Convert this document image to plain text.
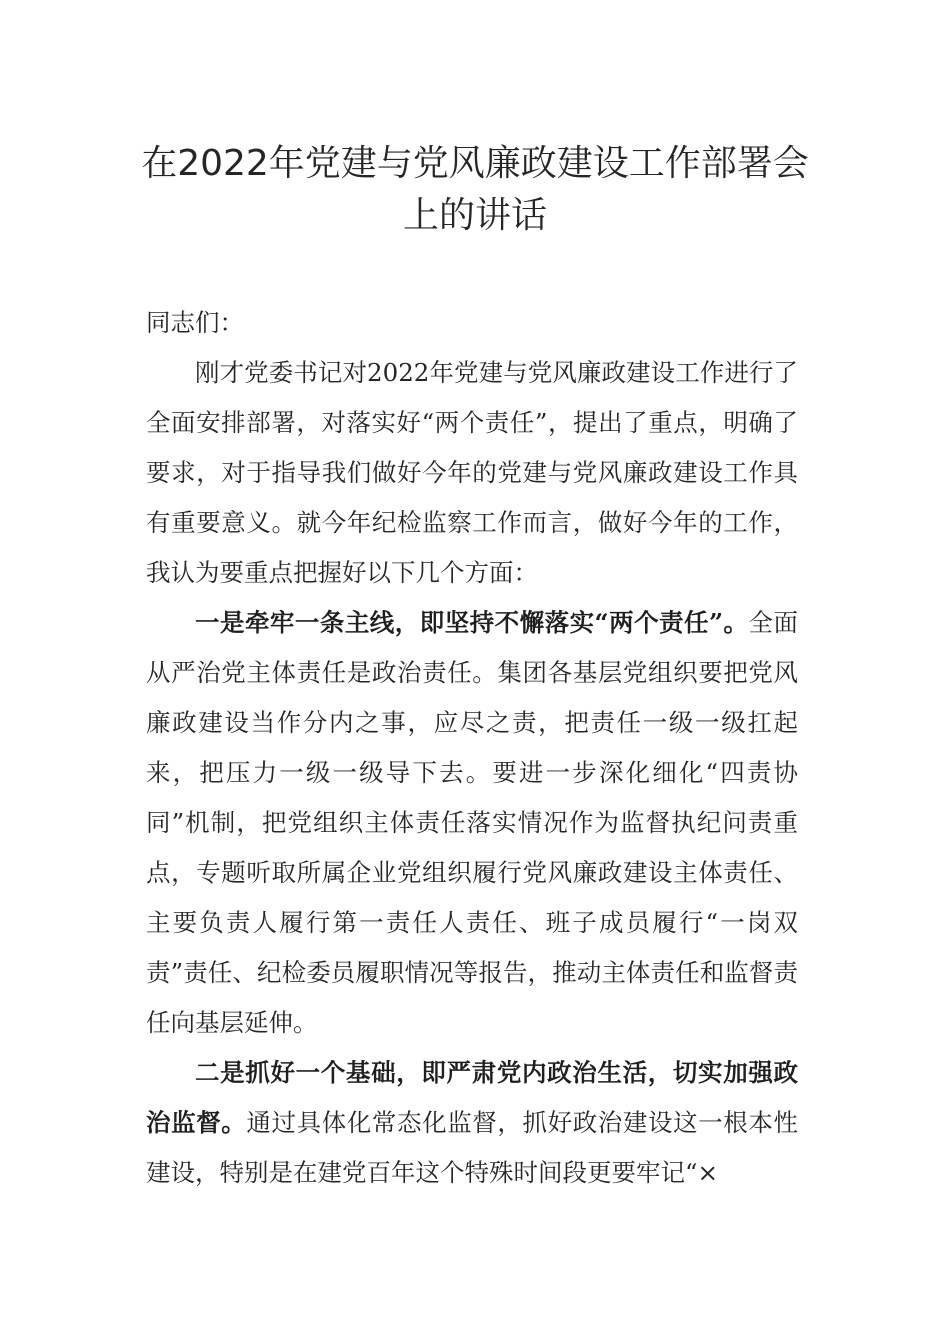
在2022年党建与党风廉政建设工作部署会上的讲话

同志们：

刚才党委书记对2022年党建与党风廉政建设工作进行了全面安排部署，对落实好“两个责任”，提出了重点，明确了要求，对于指导我们做好今年的党建与党风廉政建设工作具有重要意义。就今年纪检监察工作而言，做好今年的工作，我认为要重点把握好以下几个方面：

一是牵牢一条主线，即坚持不懈落实“两个责任”。全面从严治党主体责任是政治责任。集团各基层党组织要把党风廉政建设当作分内之事，应尽之责，把责任一级一级扛起来，把压力一级一级导下去。要进一步深化细化“四责协同”机制，把党组织主体责任落实情况作为监督执纪问责重点，专题听取所属企业党组织履行党风廉政建设主体责任、主要负责人履行第一责任人责任、班子成员履行“一岗双责”责任、纪检委员履职情况等报告，推动主体责任和监督责任向基层延伸。

二是抓好一个基础，即严肃党内政治生活，切实加强政治监督。通过具体化常态化监督，抓好政治建设这一根本性建设，特别是在建党百年这个特殊时间段更要牢记“×
